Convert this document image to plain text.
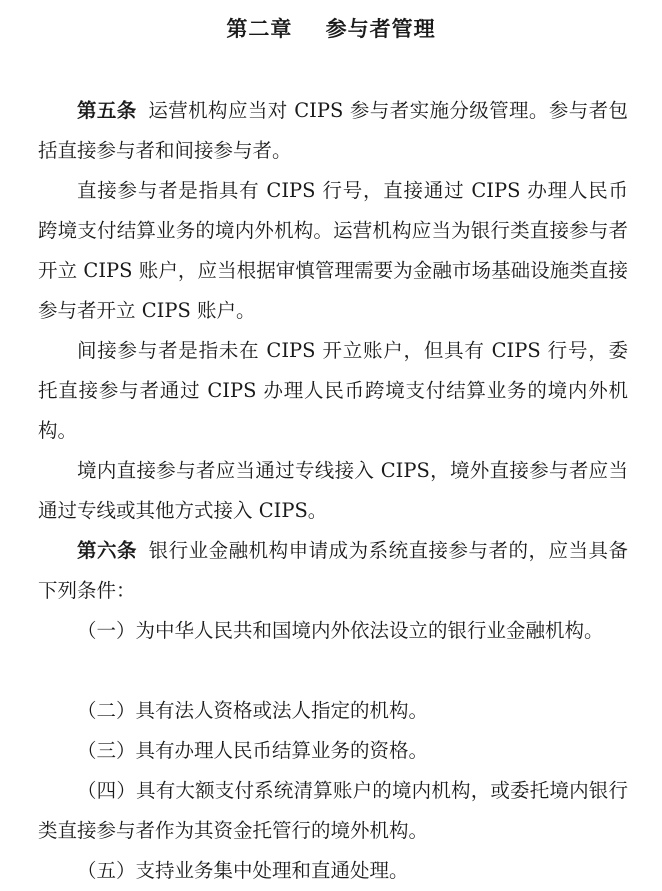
第二章    参与者管理

第五条 运营机构应当对 CIPS 参与者实施分级管理。参与者包括直接参与者和间接参与者。

直接参与者是指具有 CIPS 行号，直接通过 CIPS 办理人民币跨境支付结算业务的境内外机构。运营机构应当为银行类直接参与者开立 CIPS 账户，应当根据审慎管理需要为金融市场基础设施类直接参与者开立 CIPS 账户。

间接参与者是指未在 CIPS 开立账户，但具有 CIPS 行号，委托直接参与者通过 CIPS 办理人民币跨境支付结算业务的境内外机构。

境内直接参与者应当通过专线接入 CIPS，境外直接参与者应当通过专线或其他方式接入 CIPS。

第六条 银行业金融机构申请成为系统直接参与者的，应当具备下列条件：

（一）为中华人民共和国境内外依法设立的银行业金融机构。

（二）具有法人资格或法人指定的机构。

（三）具有办理人民币结算业务的资格。

（四）具有大额支付系统清算账户的境内机构，或委托境内银行类直接参与者作为其资金托管行的境外机构。

（五）支持业务集中处理和直通处理。
